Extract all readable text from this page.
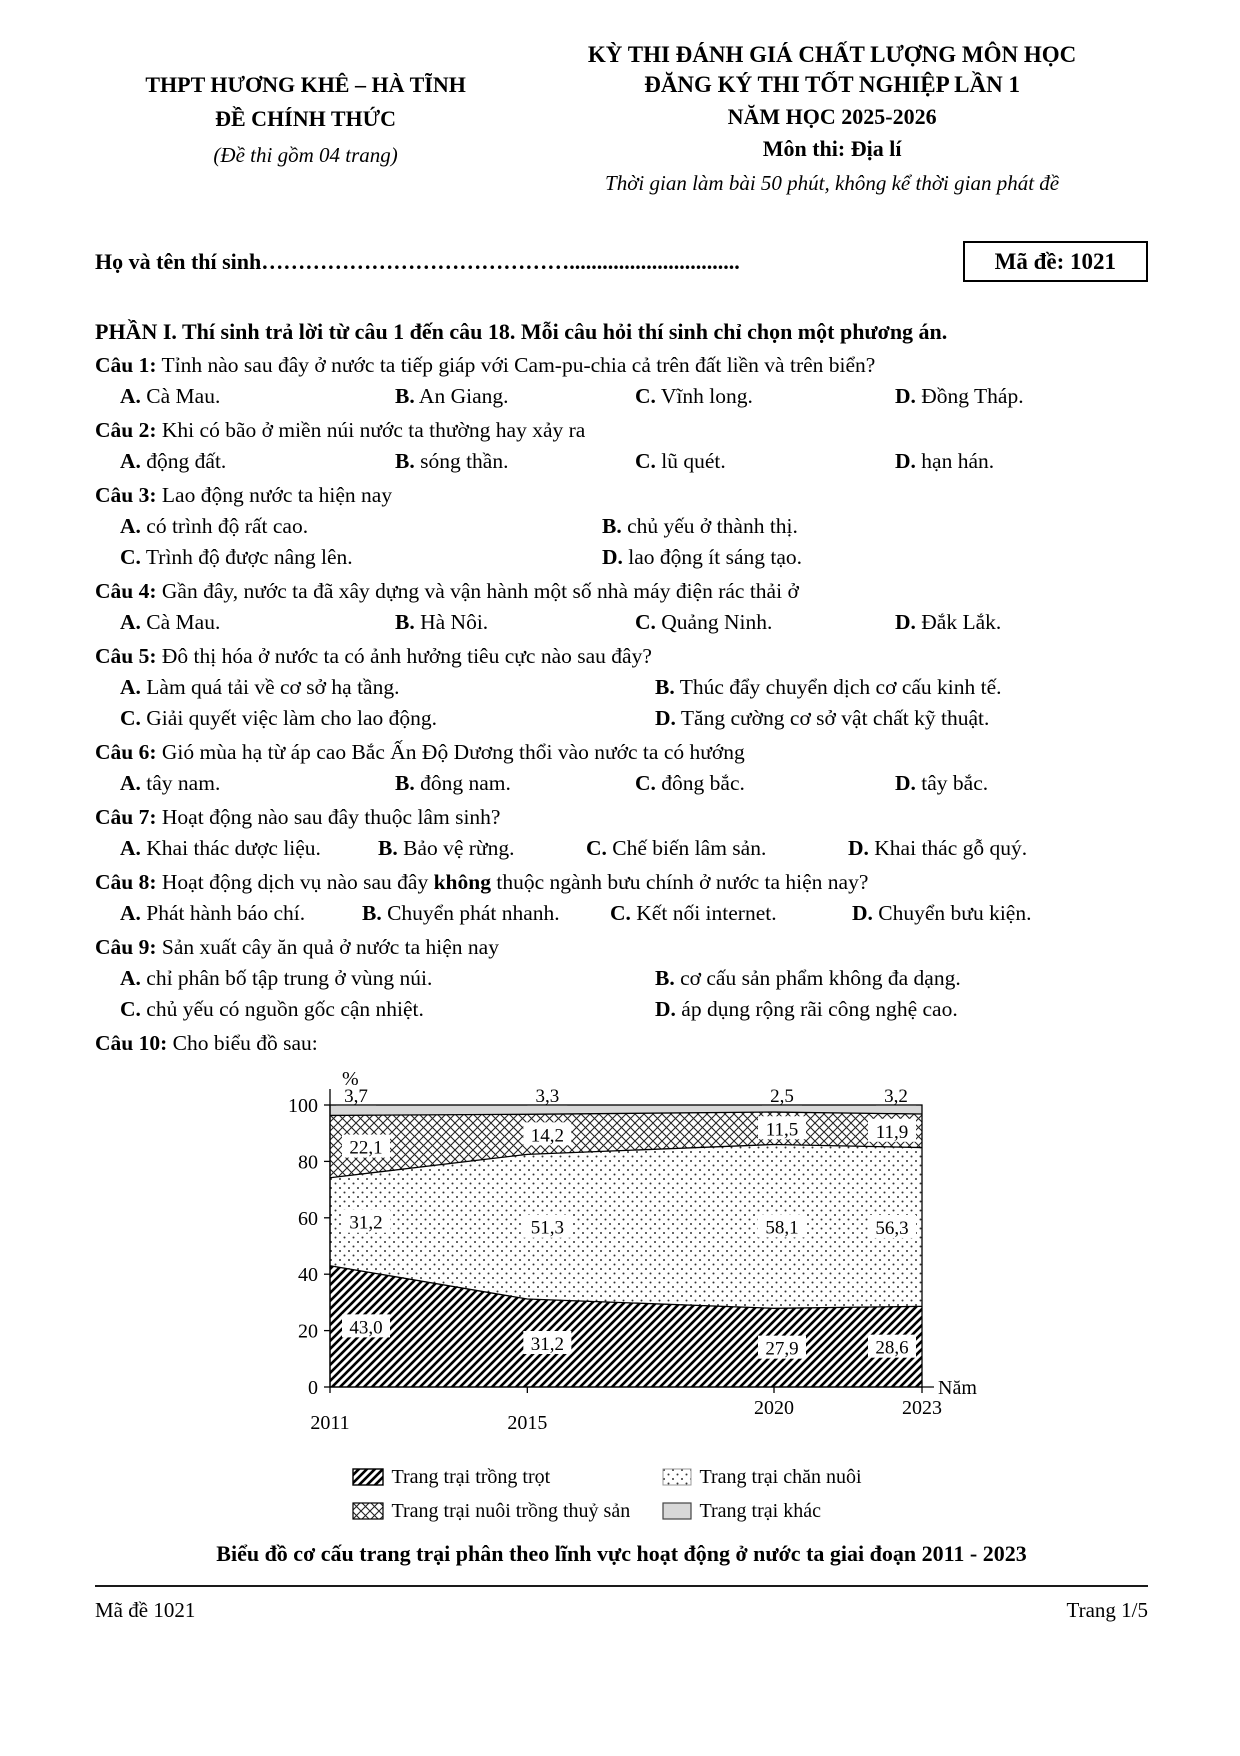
THPT HƯƠNG KHÊ – HÀ TĨNH
ĐỀ CHÍNH THỨC
(Đề thi gồm 04 trang)
KỲ THI ĐÁNH GIÁ CHẤT LƯỢNG MÔN HỌC
ĐĂNG KÝ THI TỐT NGHIỆP LẦN 1
NĂM HỌC 2025-2026
Môn thi: Địa lí
Thời gian làm bài 50 phút, không kể thời gian phát đề
Họ và tên thí sinh……………………………………...............................	Mã đề: 1021
PHẦN I. Thí sinh trả lời từ câu 1 đến câu 18. Mỗi câu hỏi thí sinh chỉ chọn một phương án.
Câu 1: Tỉnh nào sau đây ở nước ta tiếp giáp với Cam-pu-chia cả trên đất liền và trên biển?
A. Cà Mau.	B. An Giang.	C. Vĩnh long.	D. Đồng Tháp.
Câu 2: Khi có bão ở miền núi nước ta thường hay xảy ra
A. động đất.	B. sóng thần.	C. lũ quét.	D. hạn hán.
Câu 3: Lao động nước ta hiện nay
A. có trình độ rất cao.	B. chủ yếu ở thành thị.
C. Trình độ được nâng lên.	D. lao động ít sáng tạo.
Câu 4: Gần đây, nước ta đã xây dựng và vận hành một số nhà máy điện rác thải ở
A. Cà Mau.	B. Hà Nôi.	C. Quảng Ninh.	D. Đắk Lắk.
Câu 5: Đô thị hóa ở nước ta có ảnh hưởng tiêu cực nào sau đây?
A. Làm quá tải về cơ sở hạ tầng.	B. Thúc đẩy chuyển dịch cơ cấu kinh tế.
C. Giải quyết việc làm cho lao động.	D. Tăng cường cơ sở vật chất kỹ thuật.
Câu 6: Gió mùa hạ từ áp cao Bắc Ấn Độ Dương thổi vào nước ta có hướng
A. tây nam.	B. đông nam.	C. đông bắc.	D. tây bắc.
Câu 7: Hoạt động nào sau đây thuộc lâm sinh?
A. Khai thác dược liệu.	B. Bảo vệ rừng.	C. Chế biến lâm sản.	D. Khai thác gỗ quý.
Câu 8: Hoạt động dịch vụ nào sau đây không thuộc ngành bưu chính ở nước ta hiện nay?
A. Phát hành báo chí.	B. Chuyển phát nhanh.	C. Kết nối internet.	D. Chuyển bưu kiện.
Câu 9: Sản xuất cây ăn quả ở nước ta hiện nay
A. chỉ phân bố tập trung ở vùng núi.	B. cơ cấu sản phẩm không đa dạng.
C. chủ yếu có nguồn gốc cận nhiệt.	D. áp dụng rộng rãi công nghệ cao.
Câu 10: Cho biểu đồ sau:
43,0
31,2	27,9	28,6
31,2	51,3	58,1	56,3
22,1
14,2	11,5	11,9
3,7	3,3	2,5	3,2
0
20
40
60
80
100
2011	2015
2020	2023
%
Năm
Trang trại trồng trọt	Trang trại chăn nuôi
Trang trại nuôi trồng thuỷ sản	Trang trại khác
Biểu đồ cơ cấu trang trại phân theo lĩnh vực hoạt động ở nước ta giai đoạn 2011 - 2023
Mã đề 1021	Trang 1/5
